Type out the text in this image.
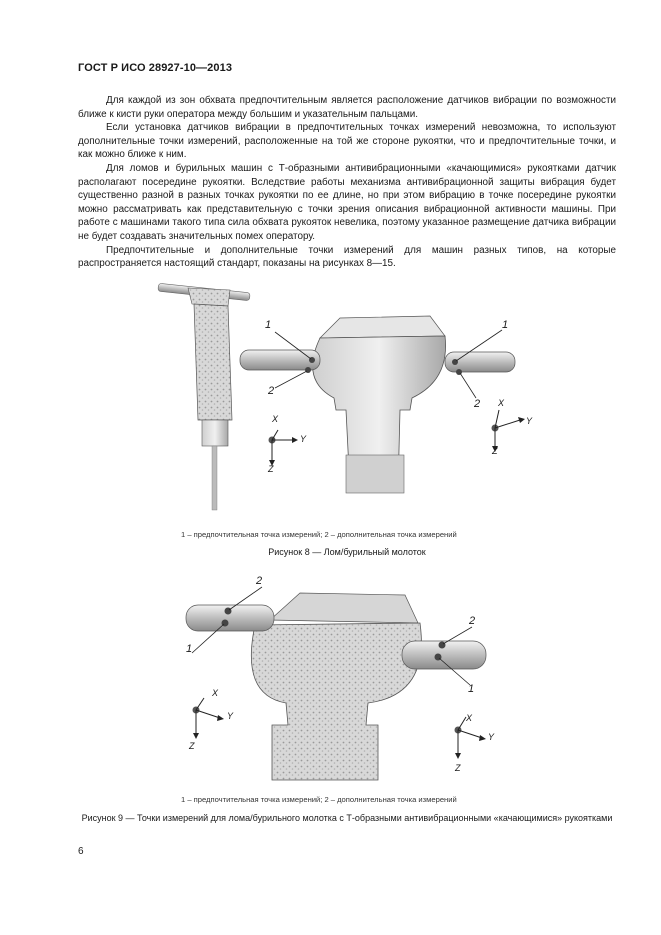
ГОСТ Р ИСО 28927-10—2013

Для каждой из зон обхвата предпочтительным является расположение датчиков вибрации по возможности ближе к кисти руки оператора между большим и указательным пальцами.

Если установка датчиков вибрации в предпочтительных точках измерений невозможна, то используют дополнительные точки измерений, расположенные на той же стороне рукоятки, что и предпочтительные точки, и как можно ближе к ним.

Для ломов и бурильных машин с Т-образными антивибрационными «качающимися» рукоятками датчик располагают посередине рукоятки. Вследствие работы механизма антивибрационной защиты вибрация будет существенно разной в разных точках рукоятки по ее длине, но при этом вибрацию в точке посередине рукоятки можно рассматривать как представительную с точки зрения описания вибрационной активности машины. При работе с машинами такого типа сила обхвата рукояток невелика, поэтому указанное размещение датчика вибрации не будет создавать значительных помех оператору.

Предпочтительные и дополнительные точки измерений для машин разных типов, на которые распространяется настоящий стандарт, показаны на рисунках 8—15.

1
2
1
2
X
Y
Z
X
Y
Z
1 – предпочтительная точка измерений; 2 – дополнительная точка измерений
Рисунок 8 — Лом/бурильный молоток
2
1
2
1
X
Y
Z
X
Y
Z
1 – предпочтительная точка измерений; 2 – дополнительная точка измерений
Рисунок 9 — Точки измерений для лома/бурильного молотка с Т-образными антивибрационными «качающимися» рукоятками
6
